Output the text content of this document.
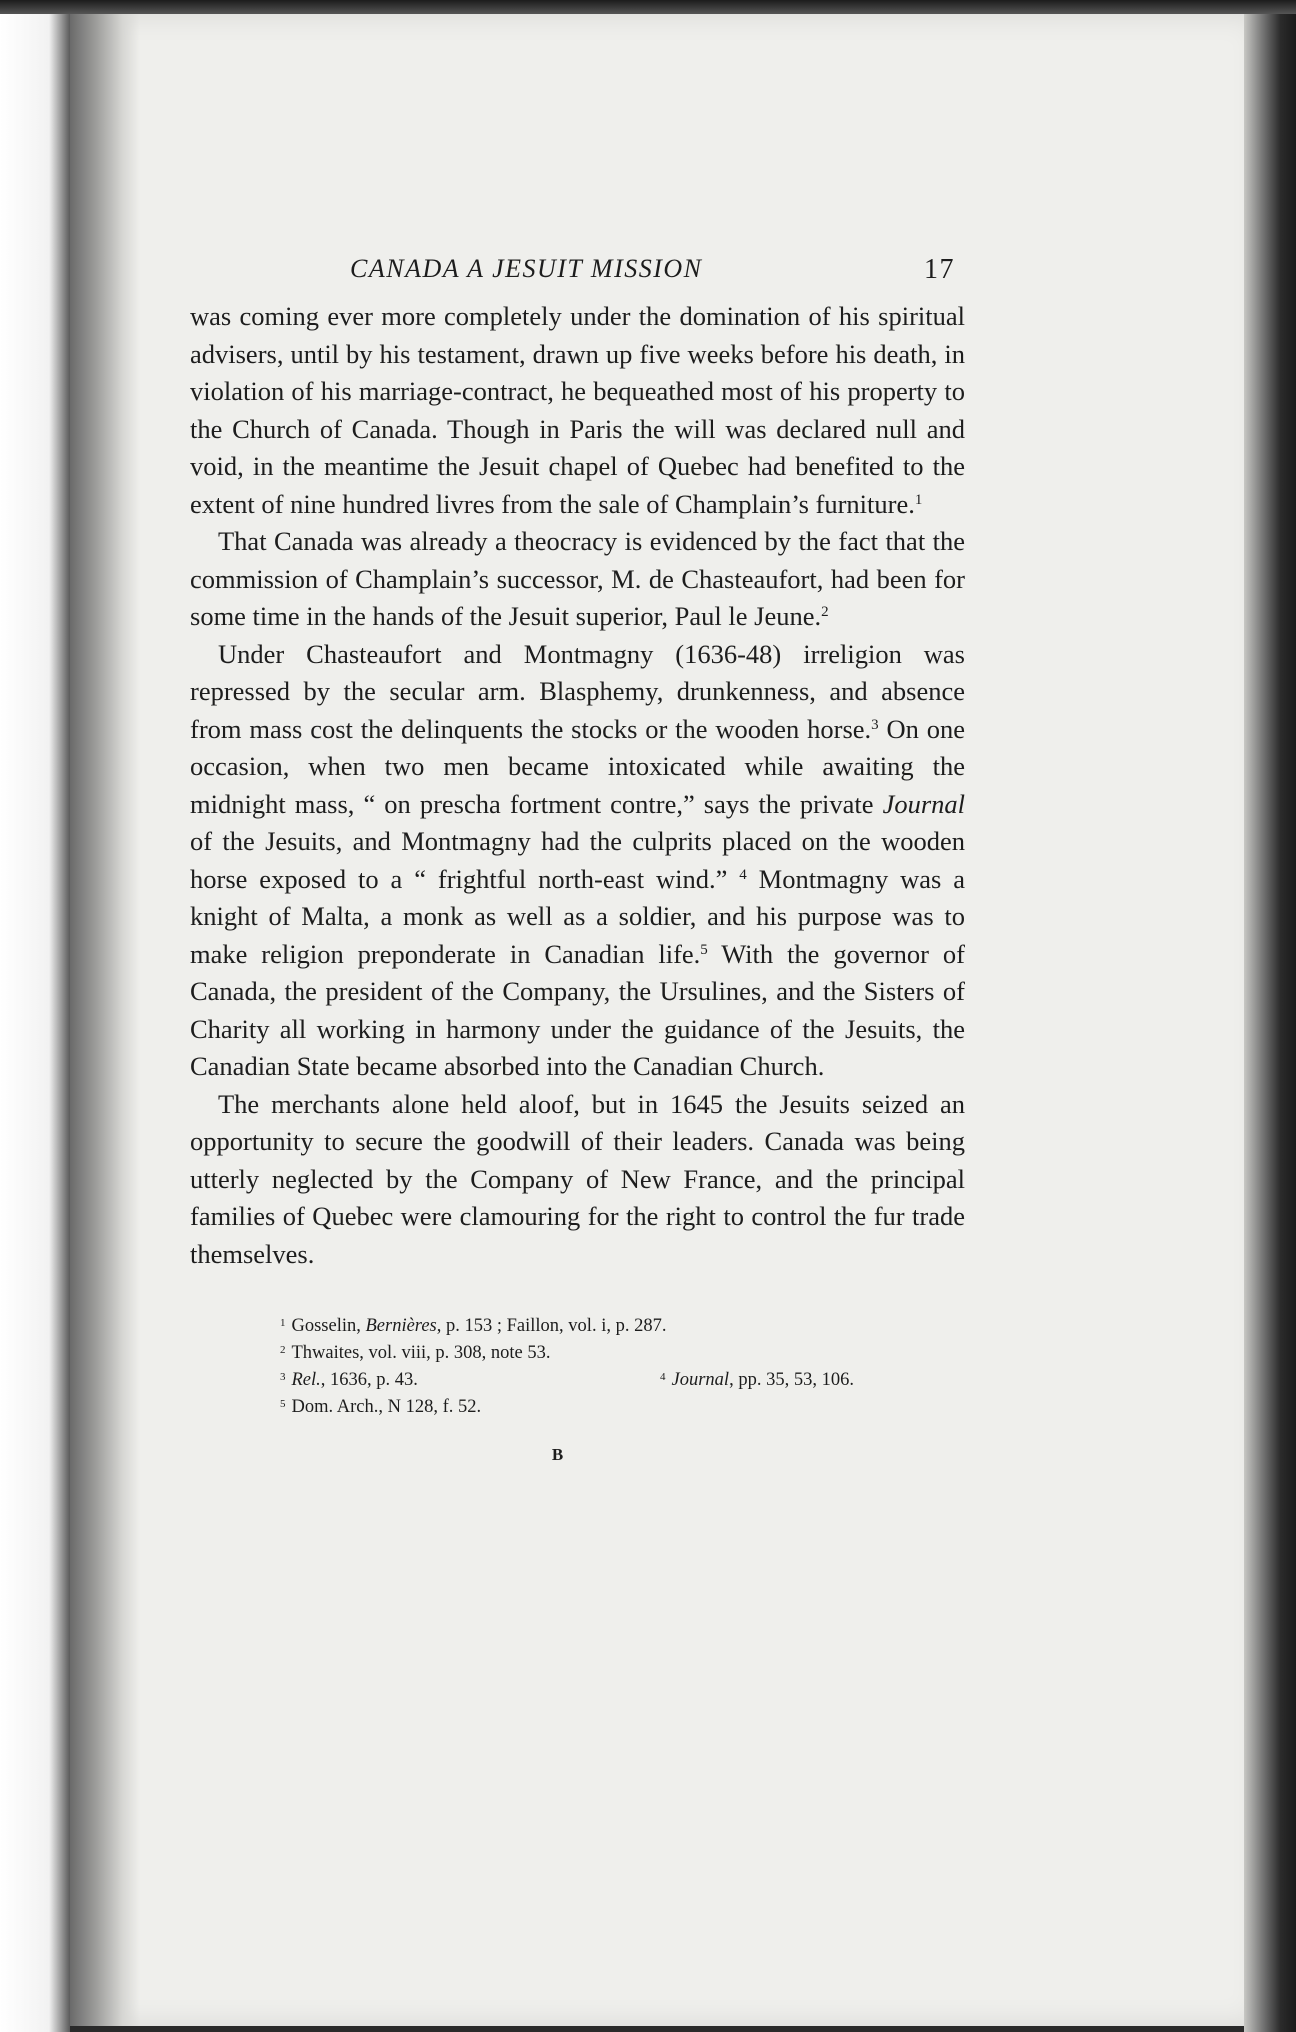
CANADA A JESUIT MISSION	17

was coming ever more completely under the domination of his spiritual advisers, until by his testament, drawn up five weeks before his death, in violation of his marriage-contract, he bequeathed most of his property to the Church of Canada. Though in Paris the will was declared null and void, in the meantime the Jesuit chapel of Quebec had benefited to the extent of nine hundred livres from the sale of Champlain’s furniture.$^1$

That Canada was already a theocracy is evidenced by the fact that the commission of Champlain’s successor, M. de Chasteaufort, had been for some time in the hands of the Jesuit superior, Paul le Jeune.$^2$

Under Chasteaufort and Montmagny (1636-48) irreligion was repressed by the secular arm. Blasphemy, drunkenness, and absence from mass cost the delinquents the stocks or the wooden horse.$^3$ On one occasion, when two men became intoxicated while awaiting the midnight mass, “ on prescha fortment contre,” says the private Journal of the Jesuits, and Montmagny had the culprits placed on the wooden horse exposed to a “ frightful north-east wind.” $^4$ Montmagny was a knight of Malta, a monk as well as a soldier, and his purpose was to make religion preponderate in Canadian life.$^5$ With the governor of Canada, the president of the Company, the Ursulines, and the Sisters of Charity all working in harmony under the guidance of the Jesuits, the Canadian State became absorbed into the Canadian Church.

The merchants alone held aloof, but in 1645 the Jesuits seized an opportunity to secure the goodwill of their leaders. Canada was being utterly neglected by the Company of New France, and the principal families of Quebec were clamouring for the right to control the fur trade themselves.

$^1$ Gosselin, Bernières, p. 153 ; Faillon, vol. i, p. 287.
$^2$ Thwaites, vol. viii, p. 308, note 53.
$^3$ Rel., 1636, p. 43.	$^4$ Journal, pp. 35, 53, 106.
$^5$ Dom. Arch., N 128, f. 52.
B
